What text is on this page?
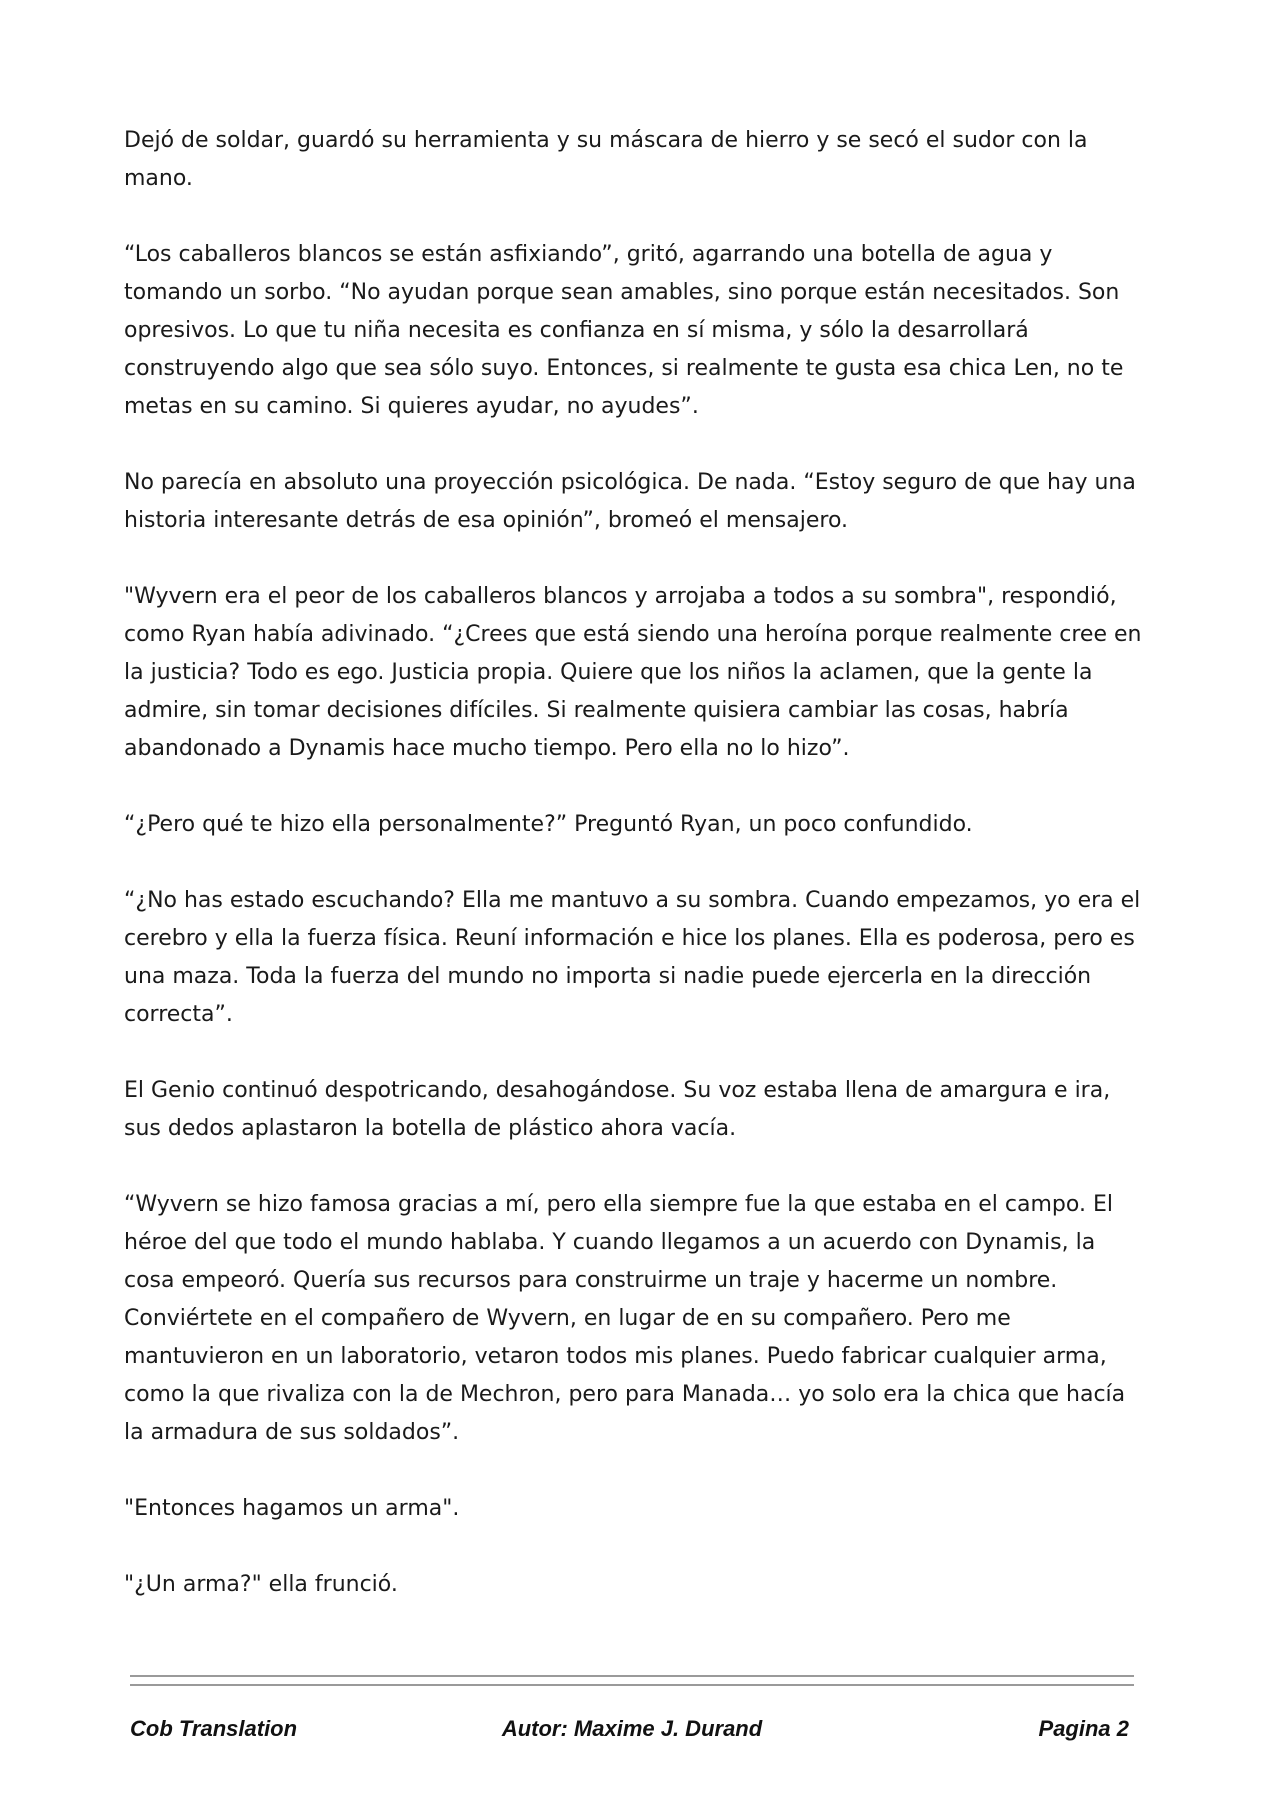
Dejó de soldar, guardó su herramienta y su máscara de hierro y se secó el sudor con la mano.

“Los caballeros blancos se están asfixiando”, gritó, agarrando una botella de agua y tomando un sorbo. “No ayudan porque sean amables, sino porque están necesitados. Son opresivos. Lo que tu niña necesita es confianza en sí misma, y sólo la desarrollará construyendo algo que sea sólo suyo. Entonces, si realmente te gusta esa chica Len, no te metas en su camino. Si quieres ayudar, no ayudes”.

No parecía en absoluto una proyección psicológica. De nada. “Estoy seguro de que hay una historia interesante detrás de esa opinión”, bromeó el mensajero.

"Wyvern era el peor de los caballeros blancos y arrojaba a todos a su sombra", respondió, como Ryan había adivinado. “¿Crees que está siendo una heroína porque realmente cree en la justicia? Todo es ego. Justicia propia. Quiere que los niños la aclamen, que la gente la admire, sin tomar decisiones difíciles. Si realmente quisiera cambiar las cosas, habría abandonado a Dynamis hace mucho tiempo. Pero ella no lo hizo”.

“¿Pero qué te hizo ella personalmente?” Preguntó Ryan, un poco confundido.

“¿No has estado escuchando? Ella me mantuvo a su sombra. Cuando empezamos, yo era el cerebro y ella la fuerza física. Reuní información e hice los planes. Ella es poderosa, pero es una maza. Toda la fuerza del mundo no importa si nadie puede ejercerla en la dirección correcta”.

El Genio continuó despotricando, desahogándose. Su voz estaba llena de amargura e ira, sus dedos aplastaron la botella de plástico ahora vacía.

“Wyvern se hizo famosa gracias a mí, pero ella siempre fue la que estaba en el campo. El héroe del que todo el mundo hablaba. Y cuando llegamos a un acuerdo con Dynamis, la cosa empeoró. Quería sus recursos para construirme un traje y hacerme un nombre. Conviértete en el compañero de Wyvern, en lugar de en su compañero. Pero me mantuvieron en un laboratorio, vetaron todos mis planes. Puedo fabricar cualquier arma, como la que rivaliza con la de Mechron, pero para Manada… yo solo era la chica que hacía la armadura de sus soldados”.

"Entonces hagamos un arma".

"¿Un arma?" ella frunció.

Cob Translation	Autor: Maxime J. Durand	Pagina 2
